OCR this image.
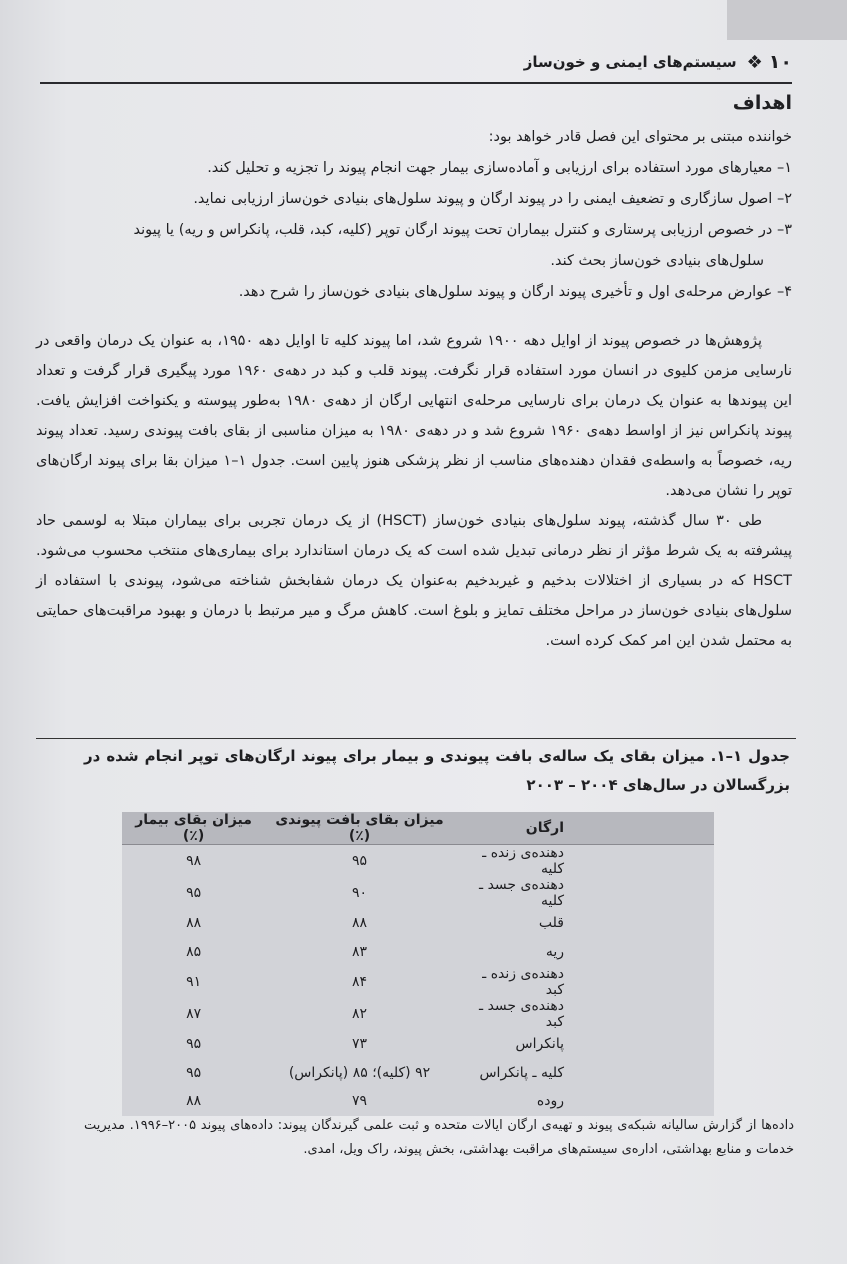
۱۰
❖
سیستم‌های ایمنی و خون‌ساز
اهداف

خواننده مبتنی بر محتوای این فصل قادر خواهد بود:

۱– معیارهای مورد استفاده برای ارزیابی و آماده‌سازی بیمار جهت انجام پیوند را تجزیه و تحلیل کند.
۲– اصول سازگاری و تضعیف ایمنی را در پیوند ارگان و پیوند سلول‌های بنیادی خون‌ساز ارزیابی نماید.
۳– در خصوص ارزیابی پرستاری و کنترل بیماران تحت پیوند ارگان توپر (کلیه، کبد، قلب، پانکراس و ریه) یا پیوند
سلول‌های بنیادی خون‌ساز بحث کند.
۴– عوارض مرحله‌ی اول و تأخیری پیوند ارگان و پیوند سلول‌های بنیادی خون‌ساز را شرح دهد.

پژوهش‌ها در خصوص پیوند از اوایل دهه ۱۹۰۰ شروع شد، اما پیوند کلیه تا اوایل دهه ۱۹۵۰، به عنوان یک درمان واقعی در نارسایی مزمن کلیوی در انسان مورد استفاده قرار نگرفت. پیوند قلب و کبد در دهه‌ی ۱۹۶۰ مورد پیگیری قرار گرفت و تعداد این پیوندها به عنوان یک درمان برای نارسایی مرحله‌ی انتهایی ارگان از دهه‌ی ۱۹۸۰ به‌طور پیوسته و یکنواخت افزایش یافت. پیوند پانکراس نیز از اواسط دهه‌ی ۱۹۶۰ شروع شد و در دهه‌ی ۱۹۸۰ به میزان مناسبی از بقای بافت پیوندی رسید. تعداد پیوند ریه، خصوصاً به واسطه‌ی فقدان دهنده‌های مناسب از نظر پزشکی هنوز پایین است. جدول ۱–۱ میزان بقا برای پیوند ارگان‌های توپر را نشان می‌دهد.

طی ۳۰ سال گذشته، پیوند سلول‌های بنیادی خون‌ساز (HSCT) از یک درمان تجربی برای بیماران مبتلا به لوسمی حاد پیشرفته به یک شرط مؤثر از نظر درمانی تبدیل شده است که یک درمان استاندارد برای بیماری‌های منتخب محسوب می‌شود. HSCT که در بسیاری از اختلالات بدخیم و غیربدخیم به‌عنوان یک درمان شفابخش شناخته می‌شود، پیوندی با استفاده از سلول‌های بنیادی خون‌ساز در مراحل مختلف تمایز و بلوغ است. کاهش مرگ و میر مرتبط با درمان و بهبود مراقبت‌های حمایتی به محتمل شدن این امر کمک کرده است.

جدول ۱–۱. میزان بقای یک ساله‌ی بافت پیوندی و بیمار برای پیوند ارگان‌های توپر انجام شده در بزرگسالان در سال‌های ۲۰۰۴ – ۲۰۰۳
ارگان	میزان بقای بافت پیوندی (٪)	میزان بقای بیمار (٪)
دهنده‌ی زنده ـ کلیه	۹۵	۹۸
دهنده‌ی جسد ـ کلیه	۹۰	۹۵
قلب	۸۸	۸۸
ریه	۸۳	۸۵
دهنده‌ی زنده ـ کبد	۸۴	۹۱
دهنده‌ی جسد ـ کبد	۸۲	۸۷
پانکراس	۷۳	۹۵
کلیه ـ پانکراس	۹۲ (کلیه)؛ ۸۵ (پانکراس)	۹۵
روده	۷۹	۸۸
داده‌ها از گزارش سالیانه شبکه‌ی پیوند و تهیه‌ی ارگان ایالات متحده و ثبت علمی گیرندگان پیوند: داده‌های پیوند ۲۰۰۵–۱۹۹۶. مدیریت خدمات و منابع بهداشتی، اداره‌ی سیستم‌های مراقبت بهداشتی، بخش پیوند، راک ویل، امدی.
